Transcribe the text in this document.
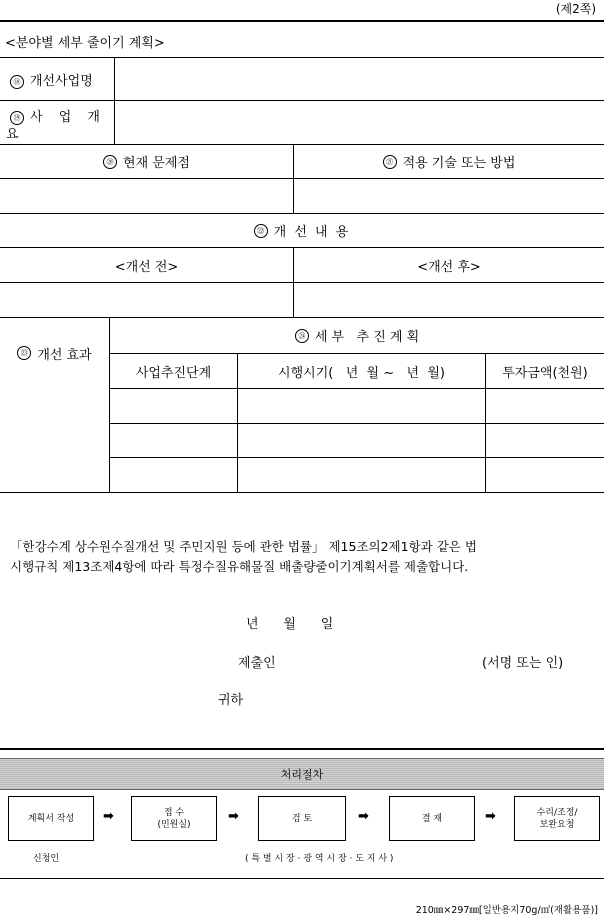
(제2쪽)
<분야별 세부 줄이기 계획>
⑱ 개선사업명
⑲ 사 업 개
요
⑳ 현재 문제점	㉑ 적용 기술 또는 방법
㉒ 개 선 내 용
<개선 전>	<개선 후>
㉓ 개선 효과
㉔ 세 부   추 진 계 획
사업추진단계	시행시기(   년  월 ~   년  월)	투자금액(천원)
「한강수계 상수원수질개선 및 주민지원 등에 관한 법률」 제15조의2제1항과 같은 법
시행규칙 제13조제4항에 따라 특정수질유해물질 배출량줄이기계획서를 제출합니다.
년      월      일
제출인	(서명 또는 인)
귀하
처리절차
계획서 작성 ➡	접 수
(민원실)
➡	검 토	➡	결 재	➡	수리/조정/
보완요청
신청인	( 특 별 시 장 · 광 역 시 장 · 도 지 사 )
210㎜×297㎜[일반용지70g/㎡(재활용품)]
